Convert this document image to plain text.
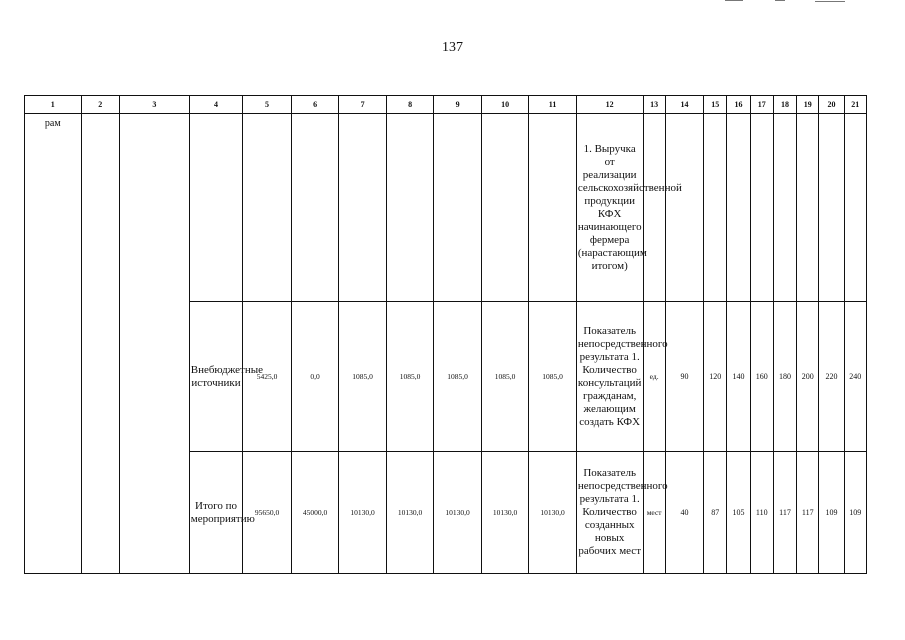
137
1	2	3	4	5	6	7	8	9	10	11	12	13	14	15	16	17	18	19	20	21
рам											1. Выручка от реализации сельскохозяйственной продукции КФХ начинающего фермера (нарастающим итогом)									
			Внебюджетные источники	5425,0	0,0	1085,0	1085,0	1085,0	1085,0	1085,0	Показатель непосредственного результата 1. Количество консультаций гражданам, желающим создать КФХ	ед.	90	120	140	160	180	200	220	240
			Итого по мероприятию	95650,0	45000,0	10130,0	10130,0	10130,0	10130,0	10130,0	Показатель непосредственного результата 1. Количество созданных новых рабочих мест	мест	40	87	105	110	117	117	109	109
